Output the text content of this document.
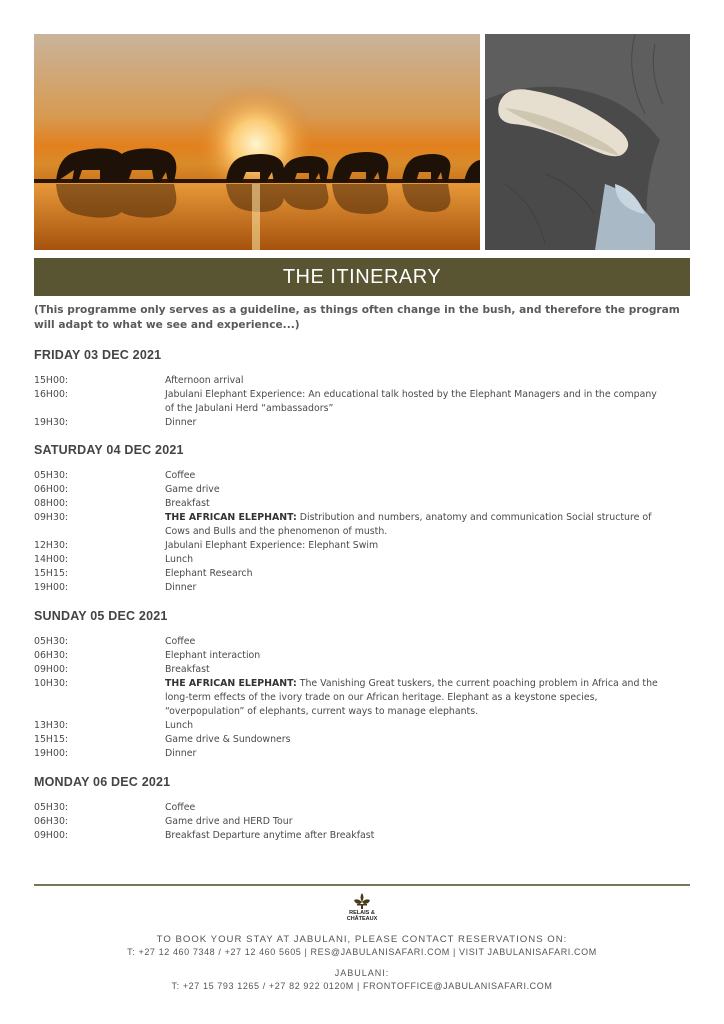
THE ITINERARY
(This programme only serves as a guideline, as things often change in the bush, and therefore the program will adapt to what we see and experience...)
FRIDAY 03 DEC 2021
15H00:	Afternoon arrival
16H00:	Jabulani Elephant Experience: An educational talk hosted by the Elephant Managers and in the company of the Jabulani Herd “ambassadors”
19H30:	Dinner
SATURDAY 04 DEC 2021
05H30:	Coffee
06H00:	Game drive
08H00:	Breakfast
09H30:	THE AFRICAN ELEPHANT: Distribution and numbers, anatomy and communication Social structure of Cows and Bulls and the phenomenon of musth.
12H30:	Jabulani Elephant Experience: Elephant Swim
14H00:	Lunch
15H15:	Elephant Research
19H00:	Dinner
SUNDAY 05 DEC 2021
05H30:	Coffee
06H30:	Elephant interaction
09H00:	Breakfast
10H30:	THE AFRICAN ELEPHANT: The Vanishing Great tuskers, the current poaching problem in Africa and the long-term effects of the ivory trade on our African heritage. Elephant as a keystone species, “overpopulation” of elephants, current ways to manage elephants.
13H30:	Lunch
15H15:	Game drive & Sundowners
19H00:	Dinner
MONDAY 06 DEC 2021
05H30:	Coffee
06H30:	Game drive and HERD Tour
09H00:	Breakfast Departure anytime after Breakfast
RELAIS & CHÂTEAUX
TO BOOK YOUR STAY AT JABULANI, PLEASE CONTACT RESERVATIONS ON:
T: +27 12 460 7348 / +27 12 460 5605 | RES@JABULANISAFARI.COM | VISIT JABULANISAFARI.COM
JABULANI:
T: +27 15 793 1265 / +27 82 922 0120M | FRONTOFFICE@JABULANISAFARI.COM
